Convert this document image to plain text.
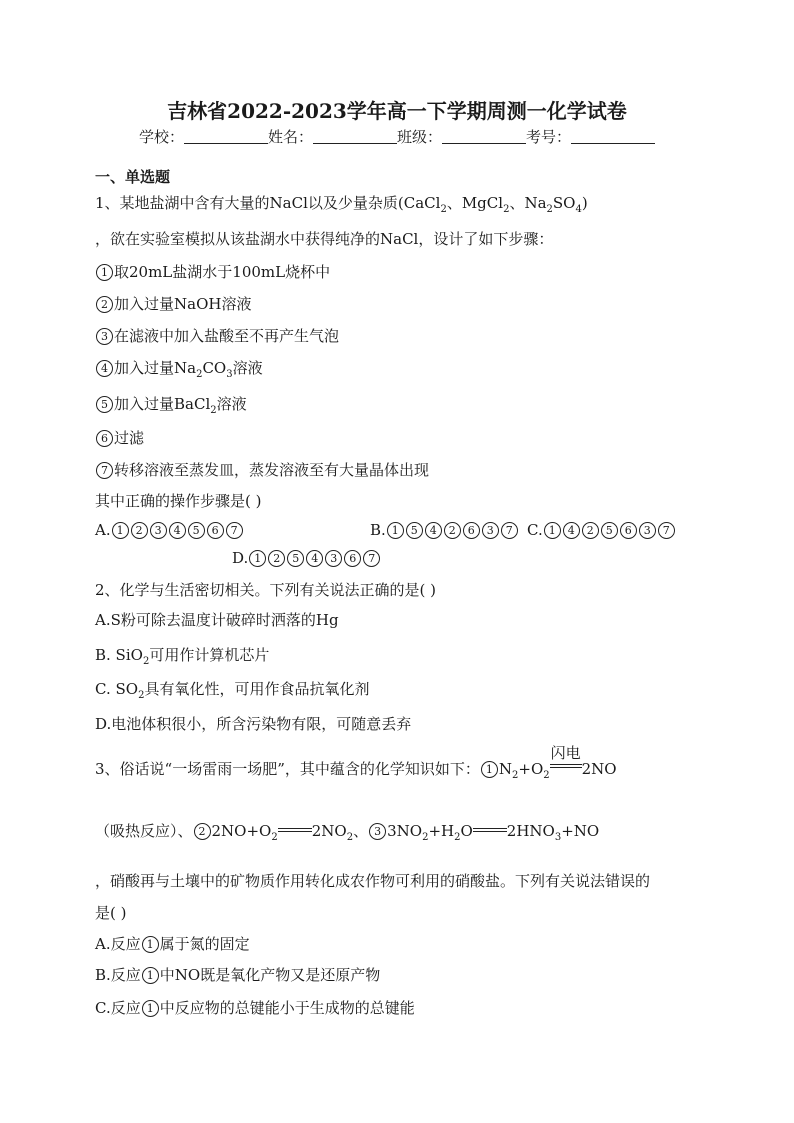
吉林省2022-2023学年高一下学期周测一化学试卷
学校：	姓名：	班级：	考号：
一、单选题
1、某地盐湖中含有大量的NaCl以及少量杂质(CaCl$_2$、MgCl$_2$、$Na_2SO_4$)
，欲在实验室模拟从该盐湖水中获得纯净的NaCl，设计了如下步骤：
1 取20mL盐湖水于100mL烧杯中
2 加入过量NaOH溶液
3 在滤液中加入盐酸至不再产生气泡
4 加入过量$Na_2CO_3$溶液
5 加入过量BaCl$_2$溶液
6 过滤
7 转移溶液至蒸发皿，蒸发溶液至有大量晶体出现
其中正确的操作步骤是( )
A. 1 2 3 4 5 6 7	B. 1 5 4 2 6 3 7 C. 1 4 2 5 6 3 7
D. 1 2 5 4 3 6 7
2、化学与生活密切相关。下列有关说法正确的是( )
A.S粉可除去温度计破碎时洒落的Hg
B. SiO$_2$可用作计算机芯片
C. $SO_2$具有氧化性，可用作食品抗氧化剂
D.电池体积很小，所含污染物有限，可随意丢弃
3、俗话说“一场雷雨一场肥”，其中蕴含的化学知识如下： 1 $N_2+O_2$
闪电
2NO
（吸热反应）、 2 $2NO+O_2$ $2NO_2$、 3 $3NO_2+H_2O$ $2HNO_3+NO$
，硝酸再与土壤中的矿物质作用转化成农作物可利用的硝酸盐。下列有关说法错误的
是( )
A.反应 1 属于氮的固定
B.反应 1 中NO既是氧化产物又是还原产物
C.反应 1 中反应物的总键能小于生成物的总键能
